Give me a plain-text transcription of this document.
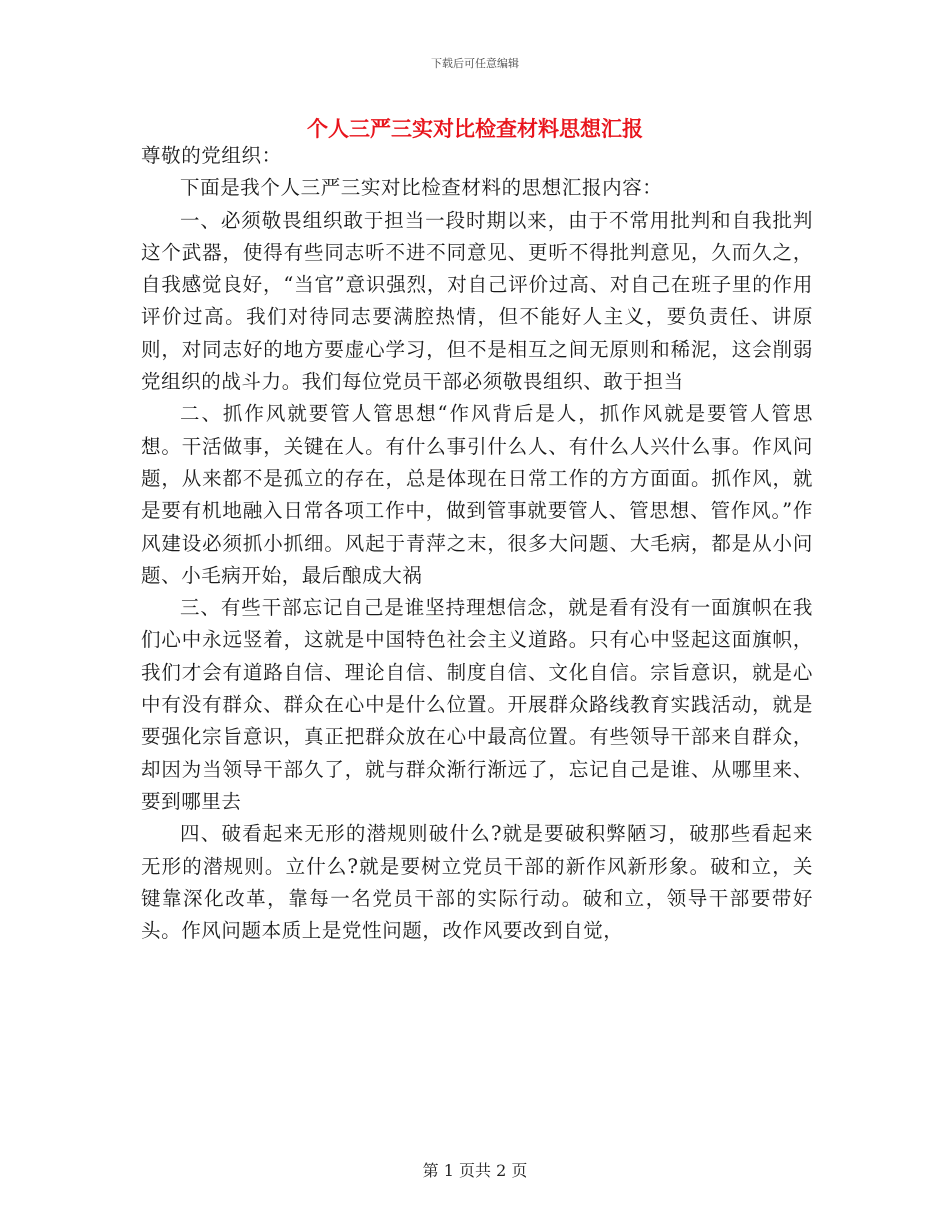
下载后可任意编辑
个人三严三实对比检查材料思想汇报

尊敬的党组织：

下面是我个人三严三实对比检查材料的思想汇报内容：

一、必须敬畏组织敢于担当一段时期以来，由于不常用批判和自我批判这个武器，使得有些同志听不进不同意见、更听不得批判意见，久而久之，自我感觉良好，“当官”意识强烈，对自己评价过高、对自己在班子里的作用评价过高。我们对待同志要满腔热情，但不能好人主义，要负责任、讲原则，对同志好的地方要虚心学习，但不是相互之间无原则和稀泥，这会削弱党组织的战斗力。我们每位党员干部必须敬畏组织、敢于担当

二、抓作风就要管人管思想“作风背后是人，抓作风就是要管人管思想。干活做事，关键在人。有什么事引什么人、有什么人兴什么事。作风问题，从来都不是孤立的存在，总是体现在日常工作的方方面面。抓作风，就是要有机地融入日常各项工作中，做到管事就要管人、管思想、管作风。”作风建设必须抓小抓细。风起于青萍之末，很多大问题、大毛病，都是从小问题、小毛病开始，最后酿成大祸

三、有些干部忘记自己是谁坚持理想信念，就是看有没有一面旗帜在我们心中永远竖着，这就是中国特色社会主义道路。只有心中竖起这面旗帜，我们才会有道路自信、理论自信、制度自信、文化自信。宗旨意识，就是心中有没有群众、群众在心中是什么位置。开展群众路线教育实践活动，就是要强化宗旨意识，真正把群众放在心中最高位置。有些领导干部来自群众，却因为当领导干部久了，就与群众渐行渐远了，忘记自己是谁、从哪里来、要到哪里去

四、破看起来无形的潜规则破什么?就是要破积弊陋习，破那些看起来无形的潜规则。立什么?就是要树立党员干部的新作风新形象。破和立，关键靠深化改革，靠每一名党员干部的实际行动。破和立，领导干部要带好头。作风问题本质上是党性问题，改作风要改到自觉，

第 1 页共 2 页
